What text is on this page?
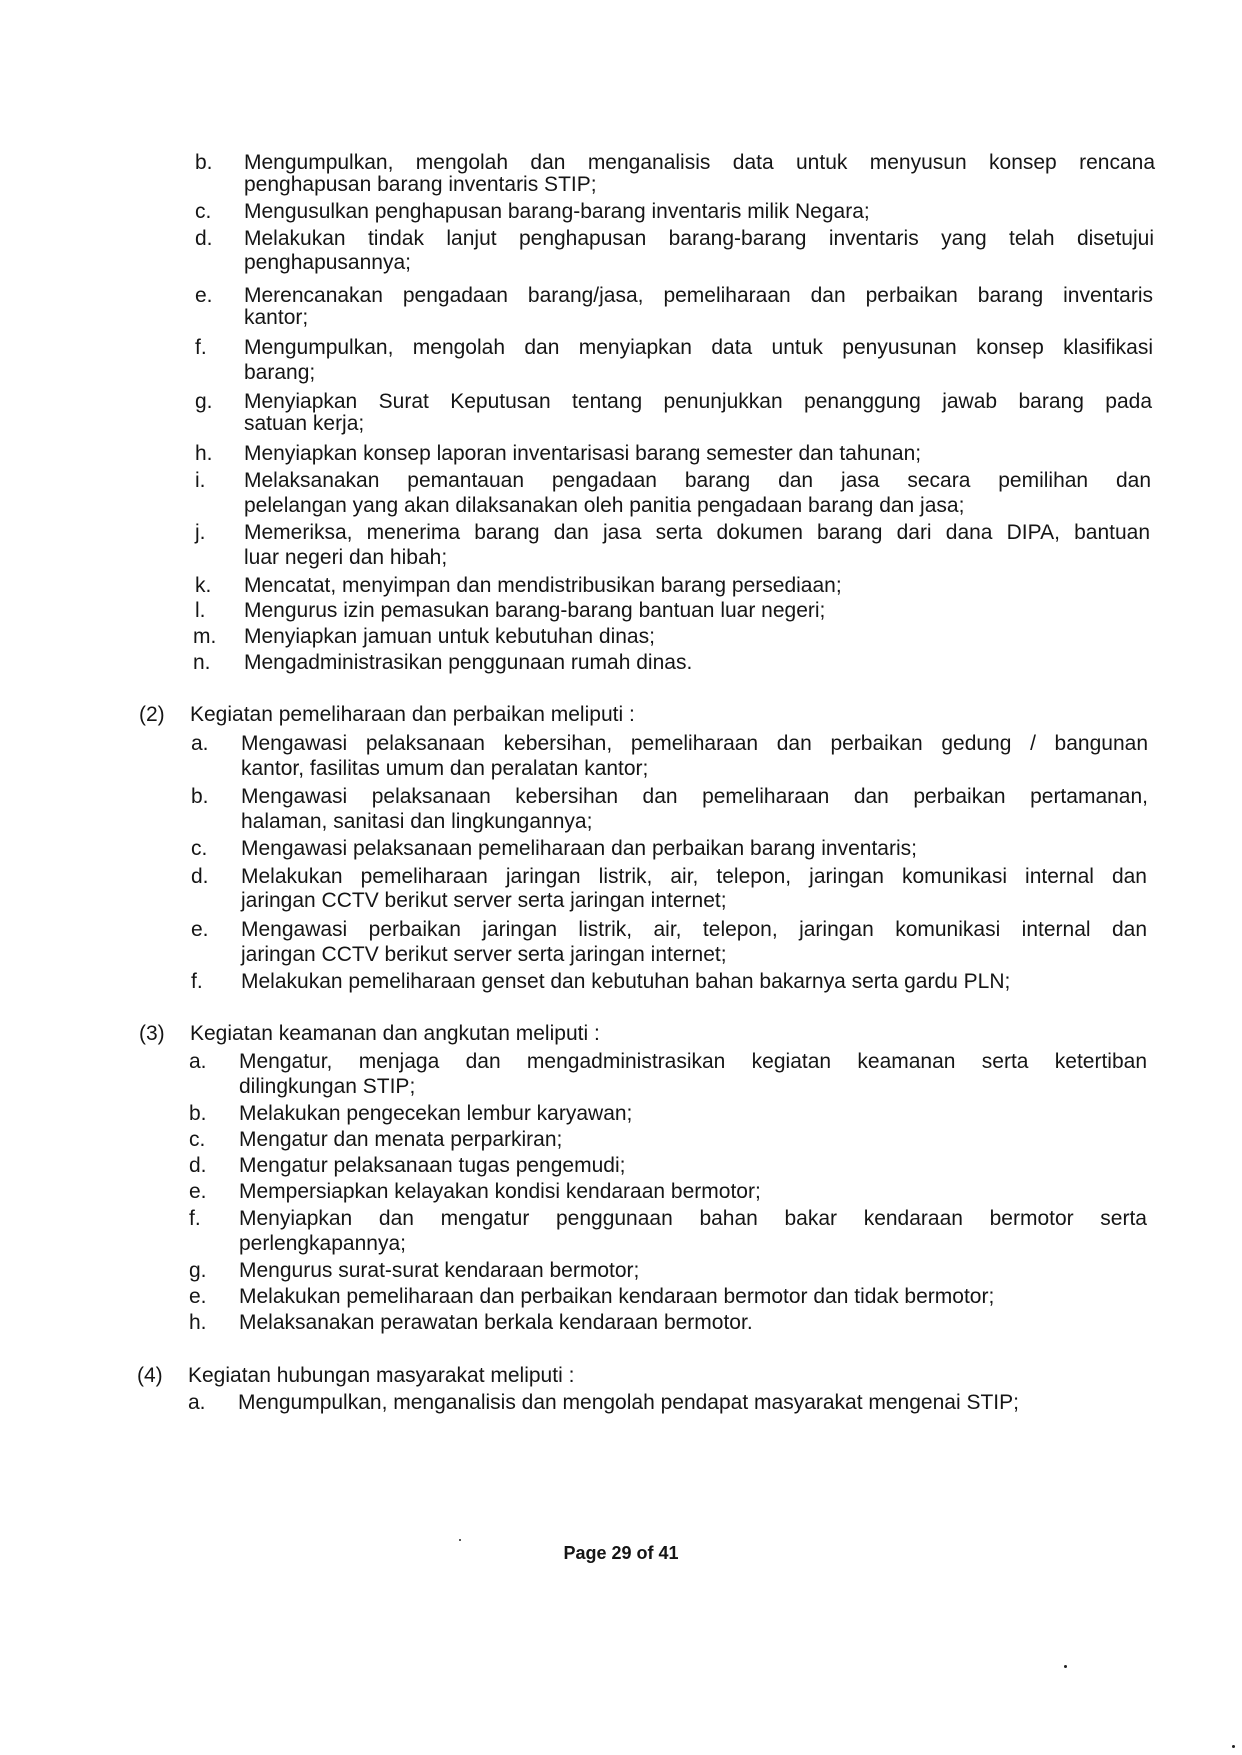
b. Mengumpulkan, mengolah dan menganalisis data untuk menyusun konsep rencana
penghapusan barang inventaris STIP;
c. Mengusulkan penghapusan barang-barang inventaris milik Negara;
d. Melakukan tindak lanjut penghapusan barang-barang inventaris yang telah disetujui
penghapusannya;
e. Merencanakan pengadaan barang/jasa, pemeliharaan dan perbaikan barang inventaris
kantor;
f. Mengumpulkan, mengolah dan menyiapkan data untuk penyusunan konsep klasifikasi
barang;
g. Menyiapkan Surat Keputusan tentang penunjukkan penanggung jawab barang pada
satuan kerja;
h. Menyiapkan konsep laporan inventarisasi barang semester dan tahunan;
i. Melaksanakan pemantauan pengadaan barang dan jasa secara pemilihan dan
pelelangan yang akan dilaksanakan oleh panitia pengadaan barang dan jasa;
j. Memeriksa, menerima barang dan jasa serta dokumen barang dari dana DIPA, bantuan
luar negeri dan hibah;
k. Mencatat, menyimpan dan mendistribusikan barang persediaan;
l. Mengurus izin pemasukan barang-barang bantuan luar negeri;
m. Menyiapkan jamuan untuk kebutuhan dinas;
n. Mengadministrasikan penggunaan rumah dinas.
(2) Kegiatan pemeliharaan dan perbaikan meliputi :
a. Mengawasi pelaksanaan kebersihan, pemeliharaan dan perbaikan gedung / bangunan
kantor, fasilitas umum dan peralatan kantor;
b. Mengawasi pelaksanaan kebersihan dan pemeliharaan dan perbaikan pertamanan,
halaman, sanitasi dan lingkungannya;
c. Mengawasi pelaksanaan pemeliharaan dan perbaikan barang inventaris;
d. Melakukan pemeliharaan jaringan listrik, air, telepon, jaringan komunikasi internal dan
jaringan CCTV berikut server serta jaringan internet;
e. Mengawasi perbaikan jaringan listrik, air, telepon, jaringan komunikasi internal dan
jaringan CCTV berikut server serta jaringan internet;
f. Melakukan pemeliharaan genset dan kebutuhan bahan bakarnya serta gardu PLN;
(3) Kegiatan keamanan dan angkutan meliputi :
a. Mengatur, menjaga dan mengadministrasikan kegiatan keamanan serta ketertiban
dilingkungan STIP;
b. Melakukan pengecekan lembur karyawan;
c. Mengatur dan menata perparkiran;
d. Mengatur pelaksanaan tugas pengemudi;
e. Mempersiapkan kelayakan kondisi kendaraan bermotor;
f. Menyiapkan dan mengatur penggunaan bahan bakar kendaraan bermotor serta
perlengkapannya;
g. Mengurus surat-surat kendaraan bermotor;
e. Melakukan pemeliharaan dan perbaikan kendaraan bermotor dan tidak bermotor;
h. Melaksanakan perawatan berkala kendaraan bermotor.
(4) Kegiatan hubungan masyarakat meliputi :
a. Mengumpulkan, menganalisis dan mengolah pendapat masyarakat mengenai STIP;
Page 29 of 41
